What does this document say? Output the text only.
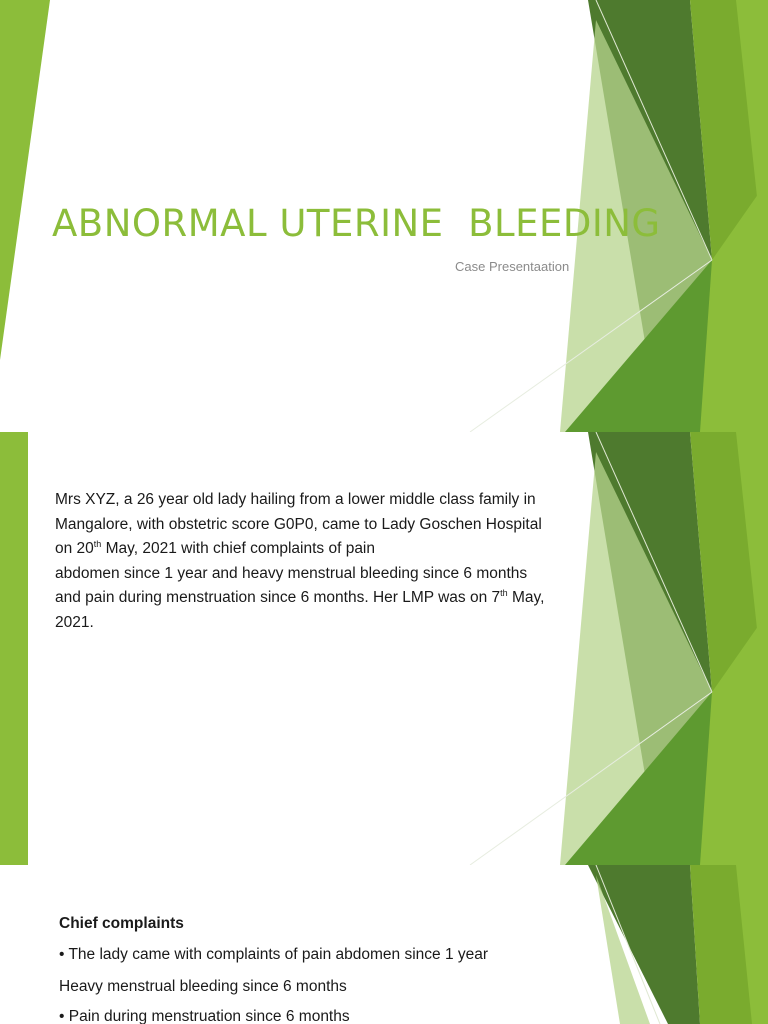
ABNORMAL UTERINE  BLEEDING

Case Presentaation

Mrs XYZ, a 26 year old lady hailing from a lower middle class family in
Mangalore, with obstetric score G0P0, came to Lady Goschen Hospital
on 20th May, 2021 with chief complaints of pain
abdomen since 1 year and heavy menstrual bleeding since 6 months
and pain during menstruation since 6 months. Her LMP was on 7th May,
2021.

Chief complaints

• The lady came with complaints of pain abdomen since 1 year

Heavy menstrual bleeding since 6 months

• Pain during menstruation since 6 months
